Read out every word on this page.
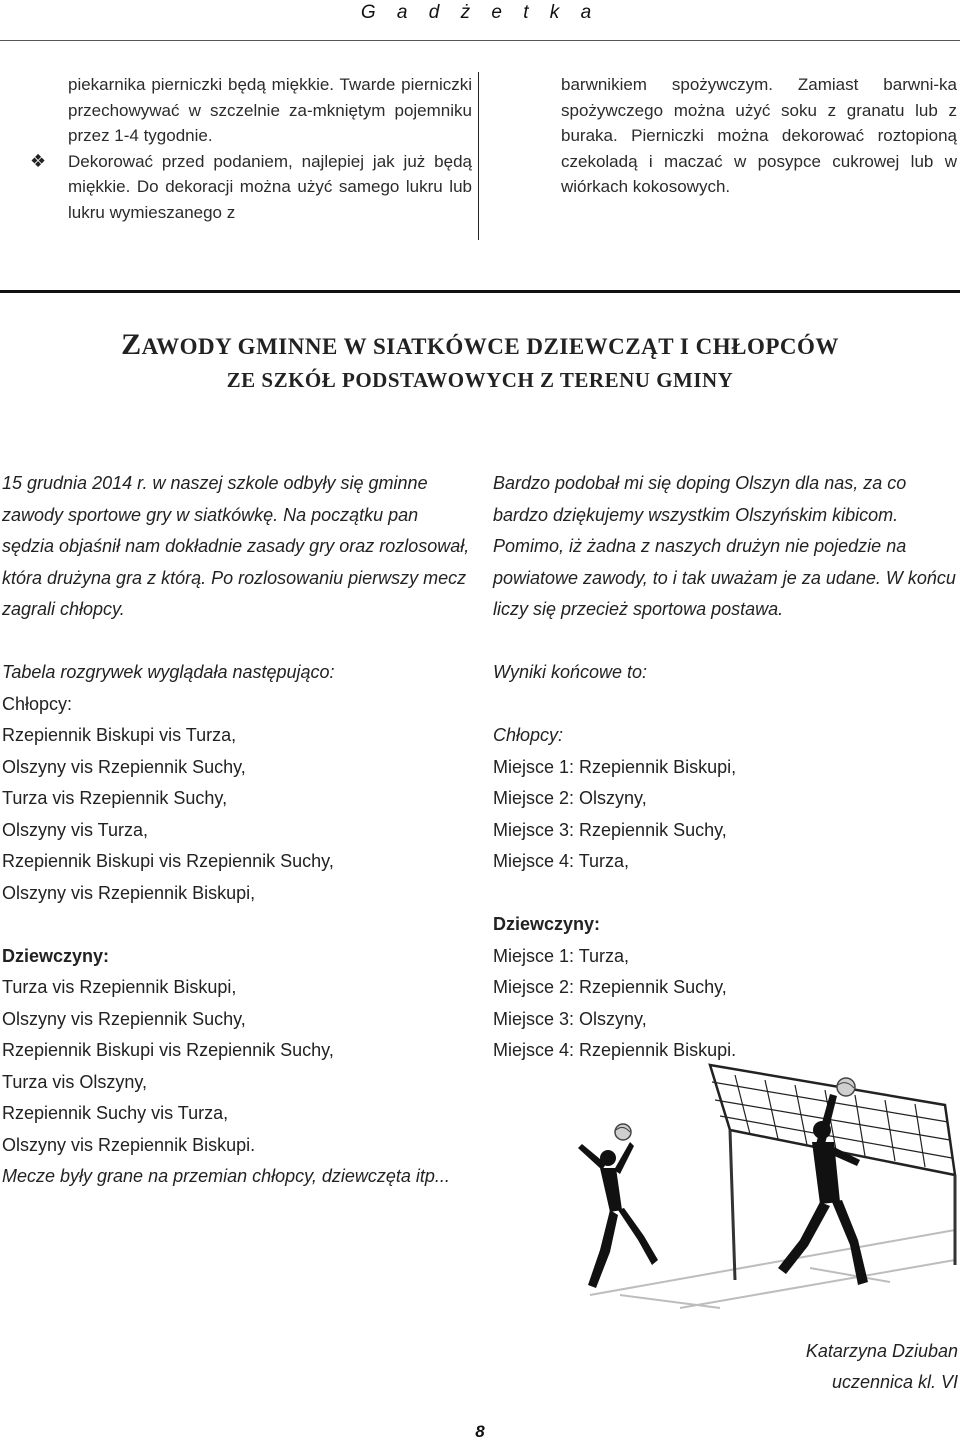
G a d ż e t k a

piekarnika pierniczki będą miękkie. Twarde pierniczki przechowywać w szczelnie za-mkniętym pojemniku przez 1-4 tygodnie.

❖ Dekorować przed podaniem, najlepiej jak już będą miękkie. Do dekoracji można użyć samego lukru lub lukru wymieszanego z

barwnikiem spożywczym. Zamiast barwni-ka spożywczego można użyć soku z granatu lub z buraka. Pierniczki można dekorować roztopioną czekoladą i maczać w posypce cukrowej lub w wiórkach kokosowych.

ZAWODY GMINNE W SIATKÓWCE DZIEWCZĄT I CHŁOPCÓW
ZE SZKÓŁ PODSTAWOWYCH Z TERENU GMINY

15 grudnia 2014 r. w naszej szkole odbyły się gminne zawody sportowe gry w siatkówkę. Na początku pan sędzia objaśnił nam dokładnie zasady gry oraz rozlosował, która drużyna gra z którą. Po rozlosowaniu pierwszy mecz zagrali chłopcy.

Tabela rozgrywek wyglądała następująco:
Chłopcy:
Rzepiennik Biskupi vis Turza,
Olszyny vis Rzepiennik Suchy,
Turza vis Rzepiennik Suchy,
Olszyny vis Turza,
Rzepiennik Biskupi vis Rzepiennik Suchy,
Olszyny vis Rzepiennik Biskupi,
Dziewczyny:
Turza vis Rzepiennik Biskupi,
Olszyny vis Rzepiennik Suchy,
Rzepiennik Biskupi vis Rzepiennik Suchy,
Turza vis Olszyny,
Rzepiennik Suchy vis Turza,
Olszyny vis Rzepiennik Biskupi.
Mecze były grane na przemian chłopcy, dziewczęta itp...

Bardzo podobał mi się doping Olszyn dla nas, za co bardzo dziękujemy wszystkim Olszyńskim kibicom. Pomimo, iż żadna z naszych drużyn nie pojedzie na powiatowe zawody, to i tak uważam je za udane. W końcu liczy się przecież sportowa postawa.

Wyniki końcowe to:
Chłopcy:
Miejsce 1: Rzepiennik Biskupi,
Miejsce 2: Olszyny,
Miejsce 3: Rzepiennik Suchy,
Miejsce 4: Turza,
Dziewczyny:
Miejsce 1: Turza,
Miejsce 2: Rzepiennik Suchy,
Miejsce 3: Olszyny,
Miejsce 4: Rzepiennik Biskupi.
Katarzyna Dziuban
uczennica kl. VI
8
